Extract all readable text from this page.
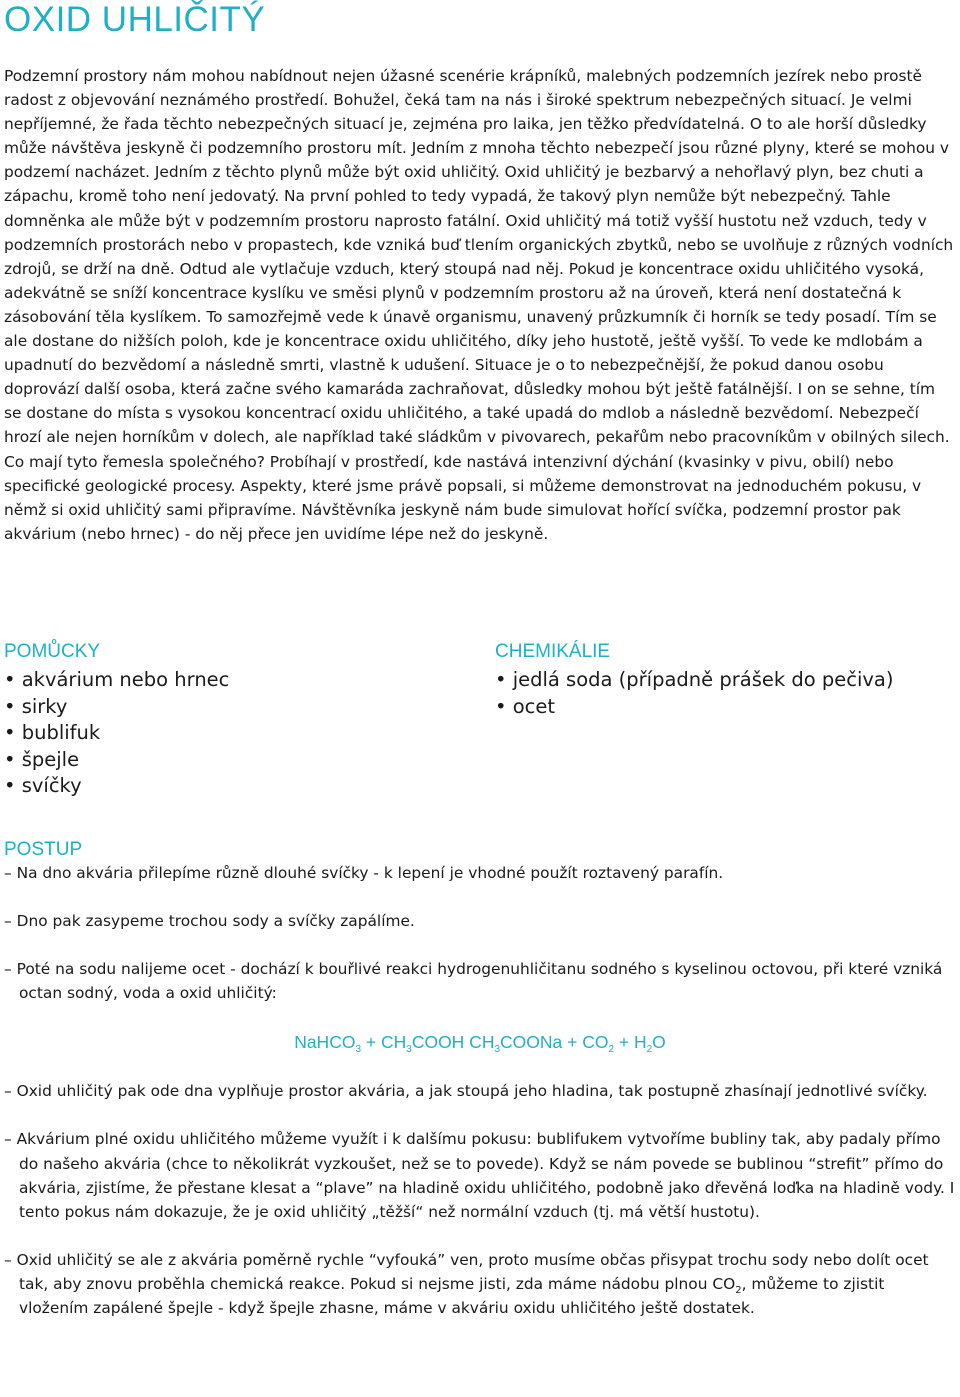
OXID UHLIČITÝ

Podzemní prostory nám mohou nabídnout nejen úžasné scenérie krápníků, malebných podzemních jezírek nebo prostě radost z objevování neznámého prostředí. Bohužel, čeká tam na nás i široké spektrum nebezpečných situací. Je velmi nepříjemné, že řada těchto nebezpečných situací je, zejména pro laika, jen těžko předvídatelná. O to ale horší důsledky může návštěva jeskyně či podzemního prostoru mít. Jedním z mnoha těchto nebezpečí jsou různé plyny, které se mohou v podzemí nacházet. Jedním z těchto plynů může být oxid uhličitý. Oxid uhličitý je bezbarvý a nehořlavý plyn, bez chuti a zápachu, kromě toho není jedovatý. Na první pohled to tedy vypadá, že takový plyn nemůže být nebezpečný. Tahle domněnka ale může být v podzemním prostoru naprosto fatální. Oxid uhličitý má totiž vyšší hustotu než vzduch, tedy v podzemních prostorách nebo v propastech, kde vzniká buď tlením organických zbytků, nebo se uvolňuje z různých vodních zdrojů, se drží na dně. Odtud ale vytlačuje vzduch, který stoupá nad něj. Pokud je koncentrace oxidu uhličitého vysoká, adekvátně se sníží koncentrace kyslíku ve směsi plynů v podzemním prostoru až na úroveň, která není dostatečná k zásobování těla kyslíkem. To samozřejmě vede k únavě organismu, unavený průzkumník či horník se tedy posadí. Tím se ale dostane do nižších poloh, kde je koncentrace oxidu uhličitého, díky jeho hustotě, ještě vyšší. To vede ke mdlobám a upadnutí do bezvědomí a následně smrti, vlastně k udušení. Situace je o to nebezpečnější, že pokud danou osobu doprovází další osoba, která začne svého kamaráda zachraňovat, důsledky mohou být ještě fatálnější. I on se sehne, tím se dostane do místa s vysokou koncentrací oxidu uhličitého, a také upadá do mdlob a následně bezvědomí. Nebezpečí hrozí ale nejen horníkům v dolech, ale například také sládkům v pivovarech, pekařům nebo pracovníkům v obilných silech. Co mají tyto řemesla společného? Probíhají v prostředí, kde nastává intenzivní dýchání (kvasinky v pivu, obilí) nebo specifické geologické procesy. Aspekty, které jsme právě popsali, si můžeme demonstrovat na jednoduchém pokusu, v němž si oxid uhličitý sami připravíme. Návštěvníka jeskyně nám bude simulovat hořící svíčka, podzemní prostor pak akvárium (nebo hrnec) - do něj přece jen uvidíme lépe než do jeskyně.

POMŮCKY
• akvárium nebo hrnec
• sirky
• bublifuk
• špejle
• svíčky
CHEMIKÁLIE
• jedlá soda (případně prášek do pečiva)
• ocet
POSTUP

– Na dno akvária přilepíme různě dlouhé svíčky - k lepení je vhodné použít roztavený parafín.

– Dno pak zasypeme trochou sody a svíčky zapálíme.

– Poté na sodu nalijeme ocet - dochází k bouřlivé reakci hydrogenuhličitanu sodného s kyselinou octovou, při které vzniká octan sodný, voda a oxid uhličitý:

NaHCO$_3$ + $CH_3COOH$ $CH_3COONa + CO_2 + H_2O$

– Oxid uhličitý pak ode dna vyplňuje prostor akvária, a jak stoupá jeho hladina, tak postupně zhasínají jednotlivé svíčky.

– Akvárium plné oxidu uhličitého můžeme využít i k dalšímu pokusu: bublifukem vytvoříme bubliny tak, aby padaly přímo do našeho akvária (chce to několikrát vyzkoušet, než se to povede). Když se nám povede se bublinou “strefit” přímo do akvária, zjistíme, že přestane klesat a “plave” na hladině oxidu uhličitého, podobně jako dřevěná loďka na hladině vody. I tento pokus nám dokazuje, že je oxid uhličitý „těžší“ než normální vzduch (tj. má větší hustotu).

– Oxid uhličitý se ale z akvária poměrně rychle “vyfouká” ven, proto musíme občas přisypat trochu sody nebo dolít ocet tak, aby znovu proběhla chemická reakce. Pokud si nejsme jisti, zda máme nádobu plnou $CO_2$, můžeme to zjistit vložením zapálené špejle - když špejle zhasne, máme v akváriu oxidu uhličitého ještě dostatek.
